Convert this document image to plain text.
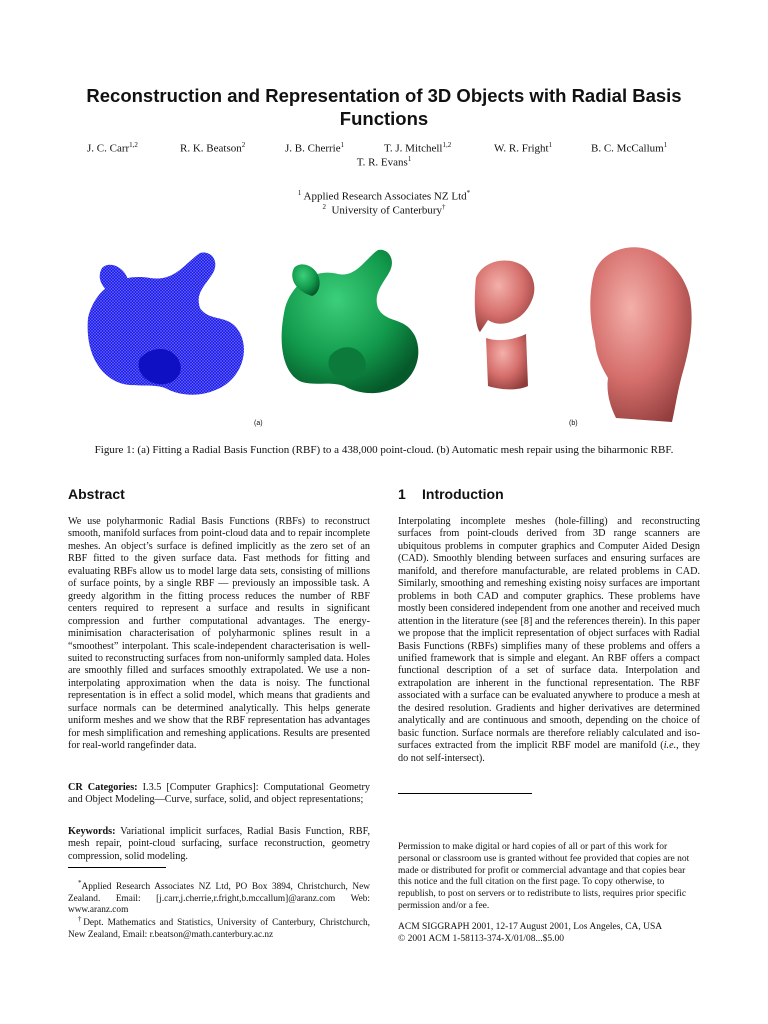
Reconstruction and Representation of 3D Objects with Radial Basis Functions
J. C. Carr$^{1,2}$	R. K. Beatson$^2$	J. B. Cherrie$^1$	T. J. Mitchell$^{1,2}$	W. R. Fright$^1$	B. C. McCallum$^1$
T. R. Evans$^1$
$^1$ Applied Research Associates NZ Ltd*
$^2$ University of Canterbury†
(a)	(b)
Figure 1: (a) Fitting a Radial Basis Function (RBF) to a 438,000 point-cloud. (b) Automatic mesh repair using the biharmonic RBF.
Abstract	1 Introduction
We use polyharmonic Radial Basis Functions (RBFs) to reconstruct smooth, manifold surfaces from point-cloud data and to repair incomplete meshes. An object’s surface is defined implicitly as the zero set of an RBF fitted to the given surface data. Fast methods for fitting and evaluating RBFs allow us to model large data sets, consisting of millions of surface points, by a single RBF — previously an impossible task. A greedy algorithm in the fitting process reduces the number of RBF centers required to represent a surface and results in significant compression and further computational advantages. The energy-minimisation characterisation of polyharmonic splines result in a “smoothest” interpolant. This scale-independent characterisation is well-suited to reconstructing surfaces from non-uniformly sampled data. Holes are smoothly filled and surfaces smoothly extrapolated. We use a non-interpolating approximation when the data is noisy. The functional representation is in effect a solid model, which means that gradients and surface normals can be determined analytically. This helps generate uniform meshes and we show that the RBF representation has advantages for mesh simplification and remeshing applications. Results are presented for real-world rangefinder data.
CR Categories: I.3.5 [Computer Graphics]: Computational Geometry and Object Modeling—Curve, surface, solid, and object representations;
Keywords: Variational implicit surfaces, Radial Basis Function, RBF, mesh repair, point-cloud surfacing, surface reconstruction, geometry compression, solid modeling.
*Applied Research Associates NZ Ltd, PO Box 3894, Christchurch, New Zealand. Email: [j.carr,j.cherrie,r.fright,b.mccallum]@aranz.com Web: www.aranz.com
†Dept. Mathematics and Statistics, University of Canterbury, Christchurch, New Zealand, Email: r.beatson@math.canterbury.ac.nz
Interpolating incomplete meshes (hole-filling) and reconstructing surfaces from point-clouds derived from 3D range scanners are ubiquitous problems in computer graphics and Computer Aided Design (CAD). Smoothly blending between surfaces and ensuring surfaces are manifold, and therefore manufacturable, are related problems in CAD. Similarly, smoothing and remeshing existing noisy surfaces are important problems in both CAD and computer graphics. These problems have mostly been considered independent from one another and received much attention in the literature (see [8] and the references therein). In this paper we propose that the implicit representation of object surfaces with Radial Basis Functions (RBFs) simplifies many of these problems and offers a unified framework that is simple and elegant. An RBF offers a compact functional description of a set of surface data. Interpolation and extrapolation are inherent in the functional representation. The RBF associated with a surface can be evaluated anywhere to produce a mesh at the desired resolution. Gradients and higher derivatives are determined analytically and are continuous and smooth, depending on the choice of basic function. Surface normals are therefore reliably calculated and iso-surfaces extracted from the implicit RBF model are manifold (i.e., they do not self-intersect).
Permission to make digital or hard copies of all or part of this work for personal or classroom use is granted without fee provided that copies are not made or distributed for profit or commercial advantage and that copies bear this notice and the full citation on the first page. To copy otherwise, to republish, to post on servers or to redistribute to lists, requires prior specific permission and/or a fee.
ACM SIGGRAPH 2001, 12-17 August 2001, Los Angeles, CA, USA
© 2001 ACM 1-58113-374-X/01/08...$5.00
